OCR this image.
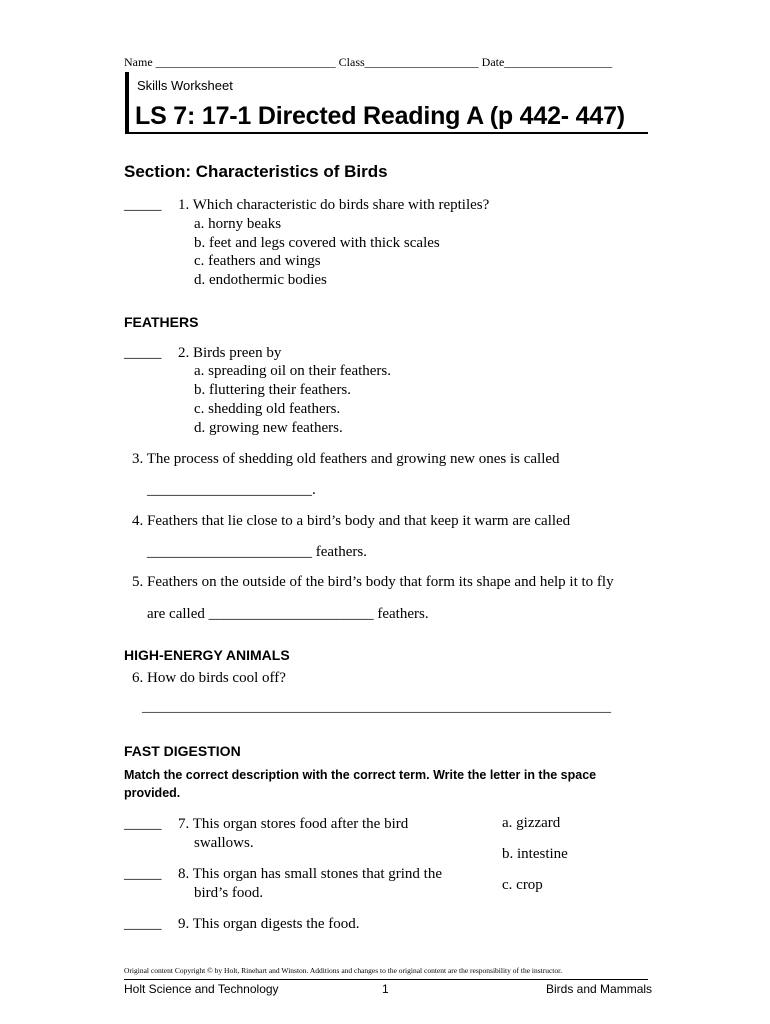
Name ______________________________ Class___________________ Date__________________
Skills Worksheet
LS 7: 17-1 Directed Reading A (p 442- 447)
Section: Characteristics of Birds
_____ 1. Which characteristic do birds share with reptiles?
a. horny beaks
b. feet and legs covered with thick scales
c. feathers and wings
d. endothermic bodies
FEATHERS
_____ 2. Birds preen by
a. spreading oil on their feathers.
b. fluttering their feathers.
c. shedding old feathers.
d. growing new feathers.
3. The process of shedding old feathers and growing new ones is called
______________________.
4. Feathers that lie close to a bird’s body and that keep it warm are called
______________________ feathers.
5. Feathers on the outside of the bird’s body that form its shape and help it to fly
are called ______________________ feathers.
HIGH-ENERGY ANIMALS
6. How do birds cool off?
___________________________________________________________________
FAST DIGESTION
Match the correct description with the correct term. Write the letter in the space
provided.
_____ 7. This organ stores food after the bird
swallows.
_____ 8. This organ has small stones that grind the
bird’s food.
_____ 9. This organ digests the food.
a. gizzard
b. intestine
c. crop
Original content Copyright © by Holt, Rinehart and Winston. Additions and changes to the original content are the responsibility of the instructor.
Holt Science and Technology	1	Birds and Mammals
